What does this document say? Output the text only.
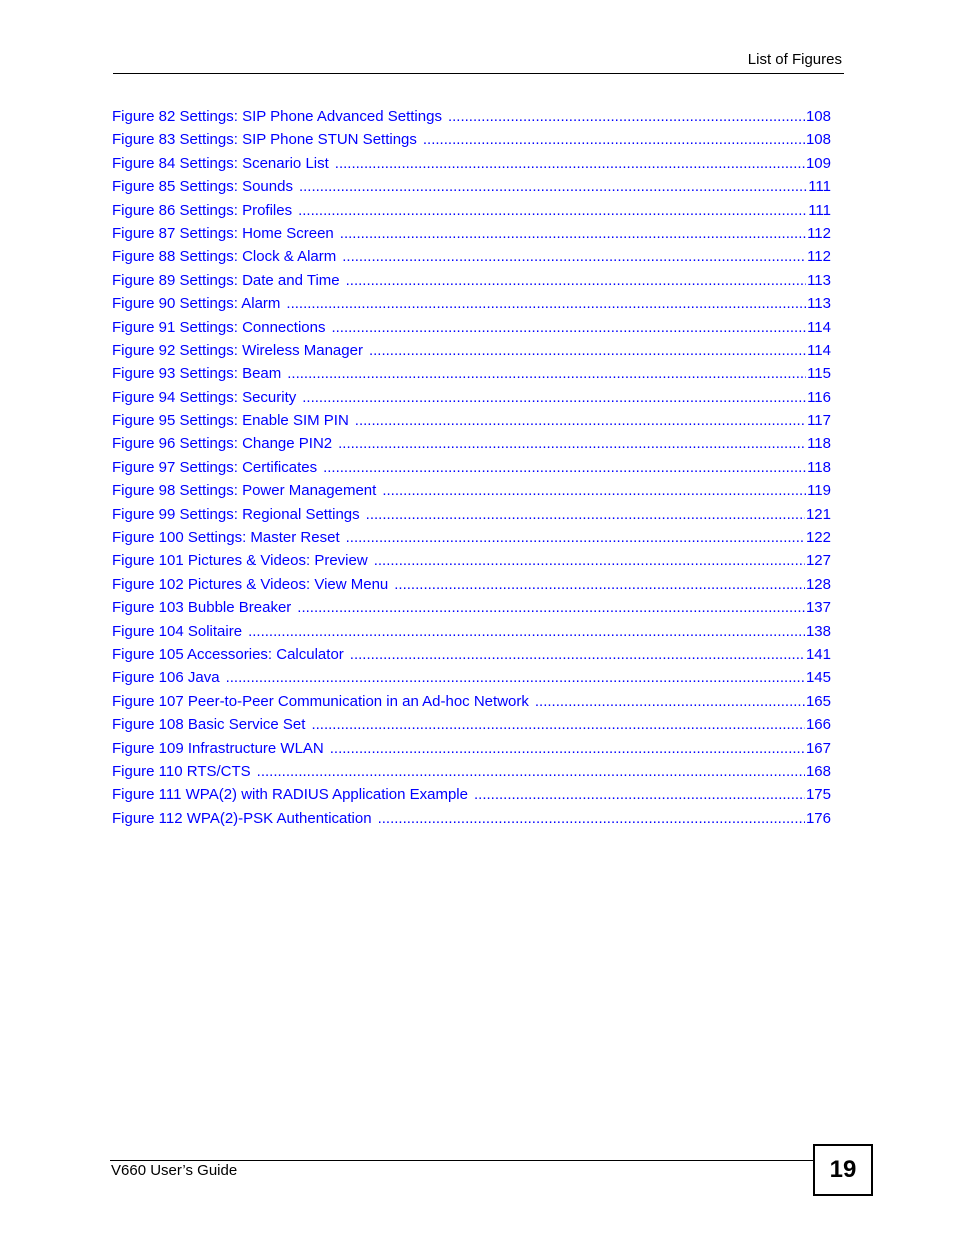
List of Figures
Figure 82 Settings: SIP Phone Advanced Settings .....	108
Figure 83 Settings: SIP Phone STUN Settings .....	108
Figure 84 Settings: Scenario List .....	109
Figure 85 Settings: Sounds .....	111
Figure 86 Settings: Profiles .....	111
Figure 87 Settings: Home Screen .....	112
Figure 88 Settings: Clock & Alarm .....	112
Figure 89 Settings: Date and Time .....	113
Figure 90 Settings: Alarm .....	113
Figure 91 Settings: Connections .....	114
Figure 92 Settings: Wireless Manager .....	114
Figure 93 Settings: Beam .....	115
Figure 94 Settings: Security .....	116
Figure 95 Settings: Enable SIM PIN .....	117
Figure 96 Settings: Change PIN2 .....	118
Figure 97 Settings: Certificates .....	118
Figure 98 Settings: Power Management .....	119
Figure 99 Settings: Regional Settings .....	121
Figure 100 Settings: Master Reset .....	122
Figure 101 Pictures & Videos: Preview .....	127
Figure 102 Pictures & Videos: View Menu .....	128
Figure 103 Bubble Breaker .....	137
Figure 104 Solitaire .....	138
Figure 105 Accessories: Calculator .....	141
Figure 106 Java .....	145
Figure 107 Peer-to-Peer Communication in an Ad-hoc Network .....	165
Figure 108 Basic Service Set .....	166
Figure 109 Infrastructure WLAN .....	167
Figure 110 RTS/CTS .....	168
Figure 111 WPA(2) with RADIUS Application Example .....	175
Figure 112 WPA(2)-PSK Authentication .....	176
V660 User’s Guide	19
